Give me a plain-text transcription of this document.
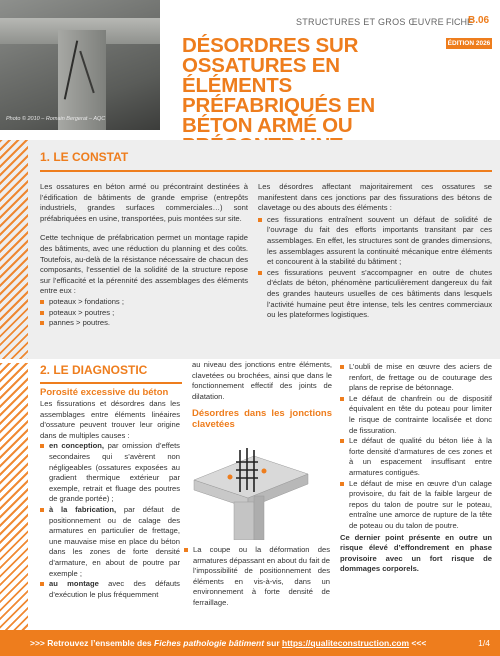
Photo © 2010 – Romain Bergerat – AQC
STRUCTURES ET GROS ŒUVRE FICHE
B.06
ÉDITION 2026
DÉSORDRES SUR OSSATURES EN ÉLÉMENTS PRÉFABRIQUÉS EN BÉTON ARMÉ OU
1. LE CONSTAT

Les ossatures en béton armé ou précontraint destinées à l’édification de bâtiments de grande emprise (entrepôts industriels, grandes surfaces commerciales…) sont préfabriquées en usine, transportées, puis montées sur site.

Cette technique de préfabrication permet un montage rapide des bâtiments, avec une réduction du planning et des coûts. Toutefois, au-delà de la résistance nécessaire de chacun des composants, l’essentiel de la solidité de la structure repose sur l’efficacité et la pérennité des assemblages des éléments entre eux :

poteaux > fondations ;
poteaux > poutres ;
pannes > poutres.

Les désordres affectant majoritairement ces ossatures se manifestent dans ces jonctions par des fissurations des bétons de clavetage ou des abouts des éléments :

ces fissurations entraînent souvent un défaut de solidité de l’ouvrage du fait des efforts importants transitant par ces assemblages. En effet, les structures sont de grandes dimensions, les assemblages assurent la continuité mécanique entre éléments et concourent à la stabilité du bâtiment ;
ces fissurations peuvent s’accompagner en outre de chutes d’éclats de béton, phénomène particulièrement dangereux du fait des grandes hauteurs usuelles de ces bâtiments dans lesquels l’activité humaine peut être intense, tels les centres commerciaux ou les plateformes logistiques.
2. LE DIAGNOSTIC
Porosité excessive du béton

Les fissurations et désordres dans les assemblages entre éléments linéaires d’ossature peuvent trouver leur origine dans de multiples causes :

en conception, par omission d’effets secondaires qui s’avèrent non négligeables (ossatures exposées au gradient thermique extérieur par exemple, retrait et fluage des poutres de grande portée) ;
à la fabrication, par défaut de positionnement ou de calage des armatures en particulier de frettage, une mauvaise mise en place du béton dans les zones de forte densité d’armature, en about de poutre par exemple ;
au montage avec des défauts d’exécution le plus fréquemment

au niveau des jonctions entre éléments, clavetées ou brochées, ainsi que dans le fonctionnement effectif des joints de dilatation.

Désordres dans les jonctions clavetées
La coupe ou la déformation des armatures dépassant en about du fait de l’impossibilité de positionnement des éléments en vis-à-vis, dans un environnement à forte densité de ferraillage.
L’oubli de mise en œuvre des aciers de renfort, de frettage ou de couturage des plans de reprise de bétonnage.
Le défaut de chanfrein ou de dispositif équivalent en tête du poteau pour limiter le risque de contrainte localisée et donc de fissuration.
Le défaut de qualité du béton liée à la forte densité d’armatures de ces zones et à un espacement insuffisant entre armatures contiguës.
Le défaut de mise en œuvre d’un calage provisoire, du fait de la faible largeur de repos du talon de poutre sur le poteau, entraîne une amorce de rupture de la tête de poteau ou du talon de poutre.

Ce dernier point présente en outre un risque élevé d’effondrement en phase provisoire avec un fort risque de dommages corporels.

>>> Retrouvez l’ensemble des Fiches pathologie bâtiment sur https://qualiteconstruction.com <<<	1/4
